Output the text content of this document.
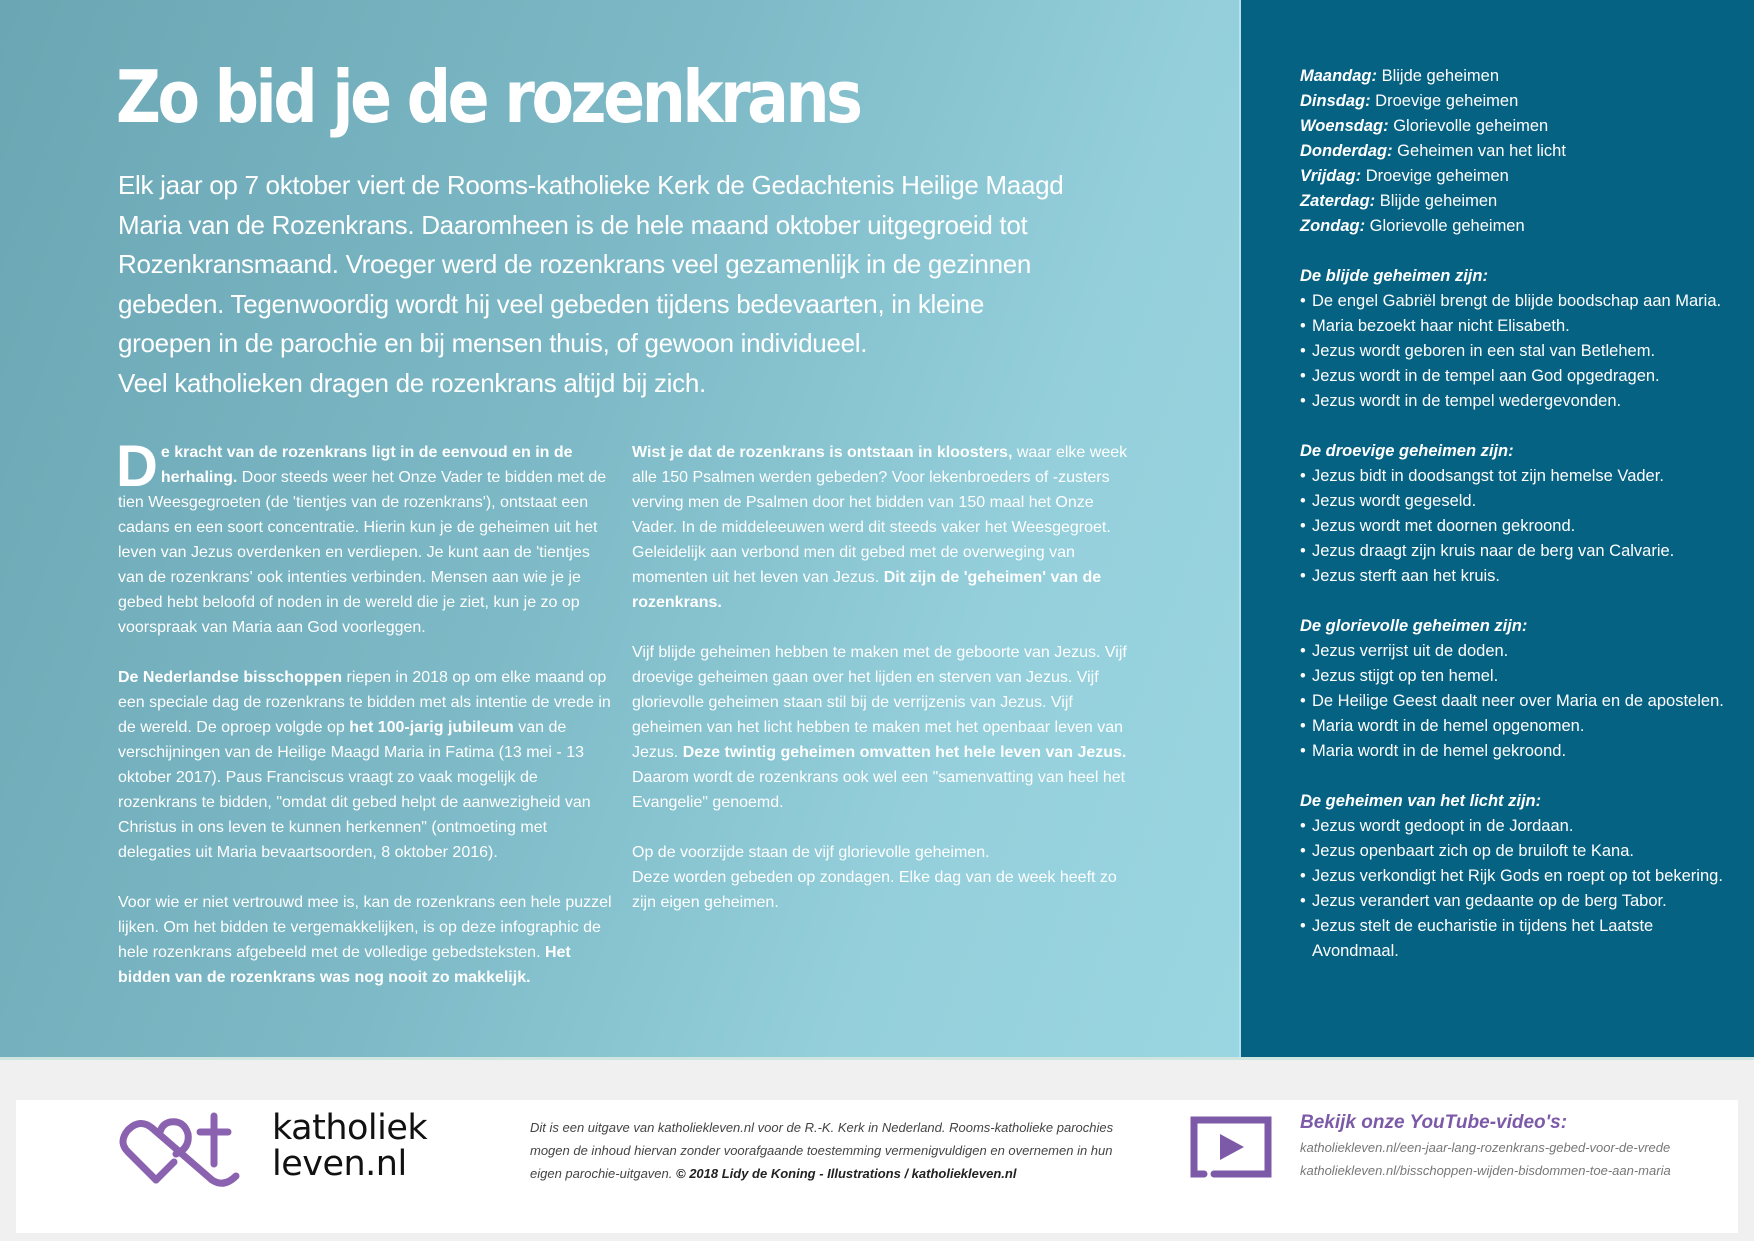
Zo bid je de rozenkrans

Elk jaar op 7 oktober viert de Rooms-katholieke Kerk de Gedachtenis Heilige Maagd
Maria van de Rozenkrans. Daaromheen is de hele maand oktober uitgegroeid tot
Rozenkransmaand. Vroeger werd de rozenkrans veel gezamenlijk in de gezinnen
gebeden. Tegenwoordig wordt hij veel gebeden tijdens bedevaarten, in kleine
groepen in de parochie en bij mensen thuis, of gewoon individueel.
Veel katholieken dragen de rozenkrans altijd bij zich.

De kracht van de rozenkrans ligt in de eenvoud en in de herhaling. Door steeds weer het Onze Vader te bidden met de tien Weesgegroeten (de 'tientjes van de rozenkrans'), ontstaat een cadans en een soort concentratie. Hierin kun je de geheimen uit het leven van Jezus overdenken en verdiepen. Je kunt aan de 'tientjes van de rozenkrans' ook intenties verbinden. Mensen aan wie je je gebed hebt beloofd of noden in de wereld die je ziet, kun je zo op voorspraak van Maria aan God voorleggen.

De Nederlandse bisschoppen riepen in 2018 op om elke maand op een speciale dag de rozenkrans te bidden met als intentie de vrede in de wereld. De oproep volgde op het 100-jarig jubileum van de verschijningen van de Heilige Maagd Maria in Fatima (13 mei - 13 oktober 2017). Paus Franciscus vraagt zo vaak mogelijk de rozenkrans te bidden, "omdat dit gebed helpt de aanwezigheid van Christus in ons leven te kunnen herkennen" (ontmoeting met delegaties uit Maria bevaartsoorden, 8 oktober 2016).

Voor wie er niet vertrouwd mee is, kan de rozenkrans een hele puzzel lijken. Om het bidden te vergemakkelijken, is op deze infographic de hele rozenkrans afgebeeld met de volledige gebedsteksten. Het bidden van de rozenkrans was nog nooit zo makkelijk.

Wist je dat de rozenkrans is ontstaan in kloosters, waar elke week alle 150 Psalmen werden gebeden? Voor lekenbroeders of -zusters verving men de Psalmen door het bidden van 150 maal het Onze Vader. In de middeleeuwen werd dit steeds vaker het Weesgegroet. Geleidelijk aan verbond men dit gebed met de overweging van momenten uit het leven van Jezus. Dit zijn de 'geheimen' van de rozenkrans.

Vijf blijde geheimen hebben te maken met de geboorte van Jezus. Vijf droevige geheimen gaan over het lijden en sterven van Jezus. Vijf glorievolle geheimen staan stil bij de verrijzenis van Jezus. Vijf geheimen van het licht hebben te maken met het openbaar leven van Jezus. Deze twintig geheimen omvatten het hele leven van Jezus. Daarom wordt de rozenkrans ook wel een "samenvatting van heel het Evangelie" genoemd.

Op de voorzijde staan de vijf glorievolle geheimen.
Deze worden gebeden op zondagen. Elke dag van de week heeft zo zijn eigen geheimen.

Maandag: Blijde geheimen
Dinsdag: Droevige geheimen
Woensdag: Glorievolle geheimen
Donderdag: Geheimen van het licht
Vrijdag: Droevige geheimen
Zaterdag: Blijde geheimen
Zondag: Glorievolle geheimen
De blijde geheimen zijn:
• De engel Gabriël brengt de blijde boodschap aan Maria.
• Maria bezoekt haar nicht Elisabeth.
• Jezus wordt geboren in een stal van Betlehem.
• Jezus wordt in de tempel aan God opgedragen.
• Jezus wordt in de tempel wedergevonden.
De droevige geheimen zijn:
• Jezus bidt in doodsangst tot zijn hemelse Vader.
• Jezus wordt gegeseld.
• Jezus wordt met doornen gekroond.
• Jezus draagt zijn kruis naar de berg van Calvarie.
• Jezus sterft aan het kruis.
De glorievolle geheimen zijn:
• Jezus verrijst uit de doden.
• Jezus stijgt op ten hemel.
• De Heilige Geest daalt neer over Maria en de apostelen.
• Maria wordt in de hemel opgenomen.
• Maria wordt in de hemel gekroond.
De geheimen van het licht zijn:
• Jezus wordt gedoopt in de Jordaan.
• Jezus openbaart zich op de bruiloft te Kana.
• Jezus verkondigt het Rijk Gods en roept op tot bekering.
• Jezus verandert van gedaante op de berg Tabor.
• Jezus stelt de eucharistie in tijdens het Laatste Avondmaal.
katholiek
leven.nl
Dit is een uitgave van katholiekleven.nl voor de R.-K. Kerk in Nederland. Rooms-katholieke parochies mogen de inhoud hiervan zonder voorafgaande toestemming vermenigvuldigen en overnemen in hun eigen parochie-uitgaven. © 2018 Lidy de Koning - Illustrations / katholiekleven.nl
Bekijk onze YouTube-video's:
katholiekleven.nl/een-jaar-lang-rozenkrans-gebed-voor-de-vrede
katholiekleven.nl/bisschoppen-wijden-bisdommen-toe-aan-maria
